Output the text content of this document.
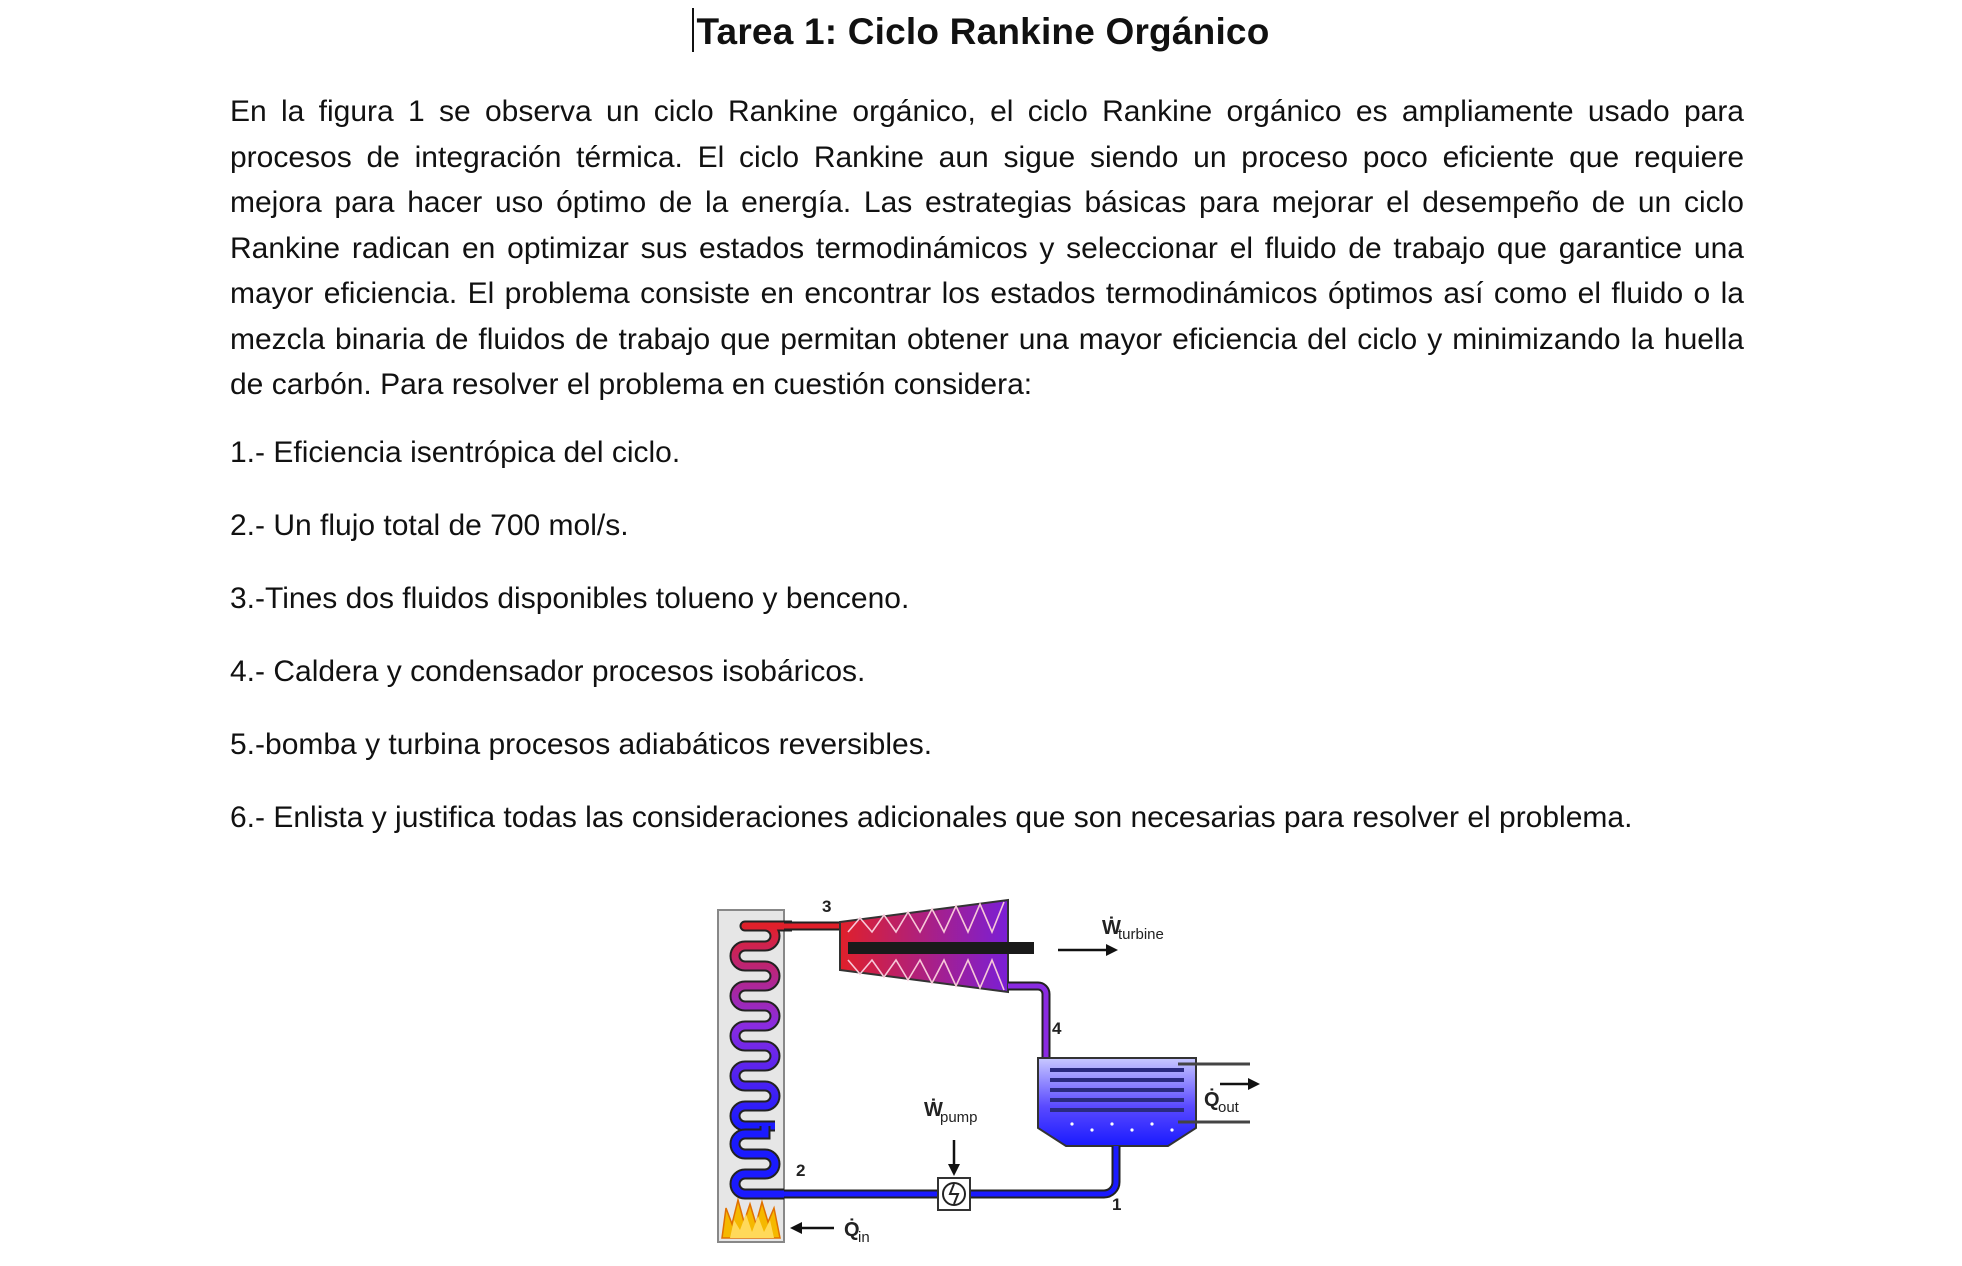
Tarea 1: Ciclo Rankine Orgánico
En la figura 1 se observa un ciclo Rankine orgánico, el ciclo Rankine orgánico es ampliamente usado para procesos de integración térmica. El ciclo Rankine aun sigue siendo un proceso poco eficiente que requiere mejora para hacer uso óptimo de la energía. Las estrategias básicas para mejorar el desempeño de un ciclo Rankine radican en optimizar sus estados termodinámicos y seleccionar el fluido de trabajo que garantice una mayor eficiencia. El problema consiste en encontrar los estados termodinámicos óptimos así como el fluido o la mezcla binaria de fluidos de trabajo que permitan obtener una mayor eficiencia del ciclo y minimizando la huella de carbón. Para resolver el problema en cuestión considera:
1.- Eficiencia isentrópica del ciclo.
2.- Un flujo total de 700 mol/s.
3.-Tines dos fluidos disponibles tolueno y benceno.
4.- Caldera y condensador procesos isobáricos.
5.-bomba y turbina procesos adiabáticos reversibles.
6.- Enlista y justifica todas las consideraciones adicionales que son necesarias para resolver el problema.
Ẇ
turbine
Q̇
out
Ẇ
pump
Q̇
in
3
4
1
2
